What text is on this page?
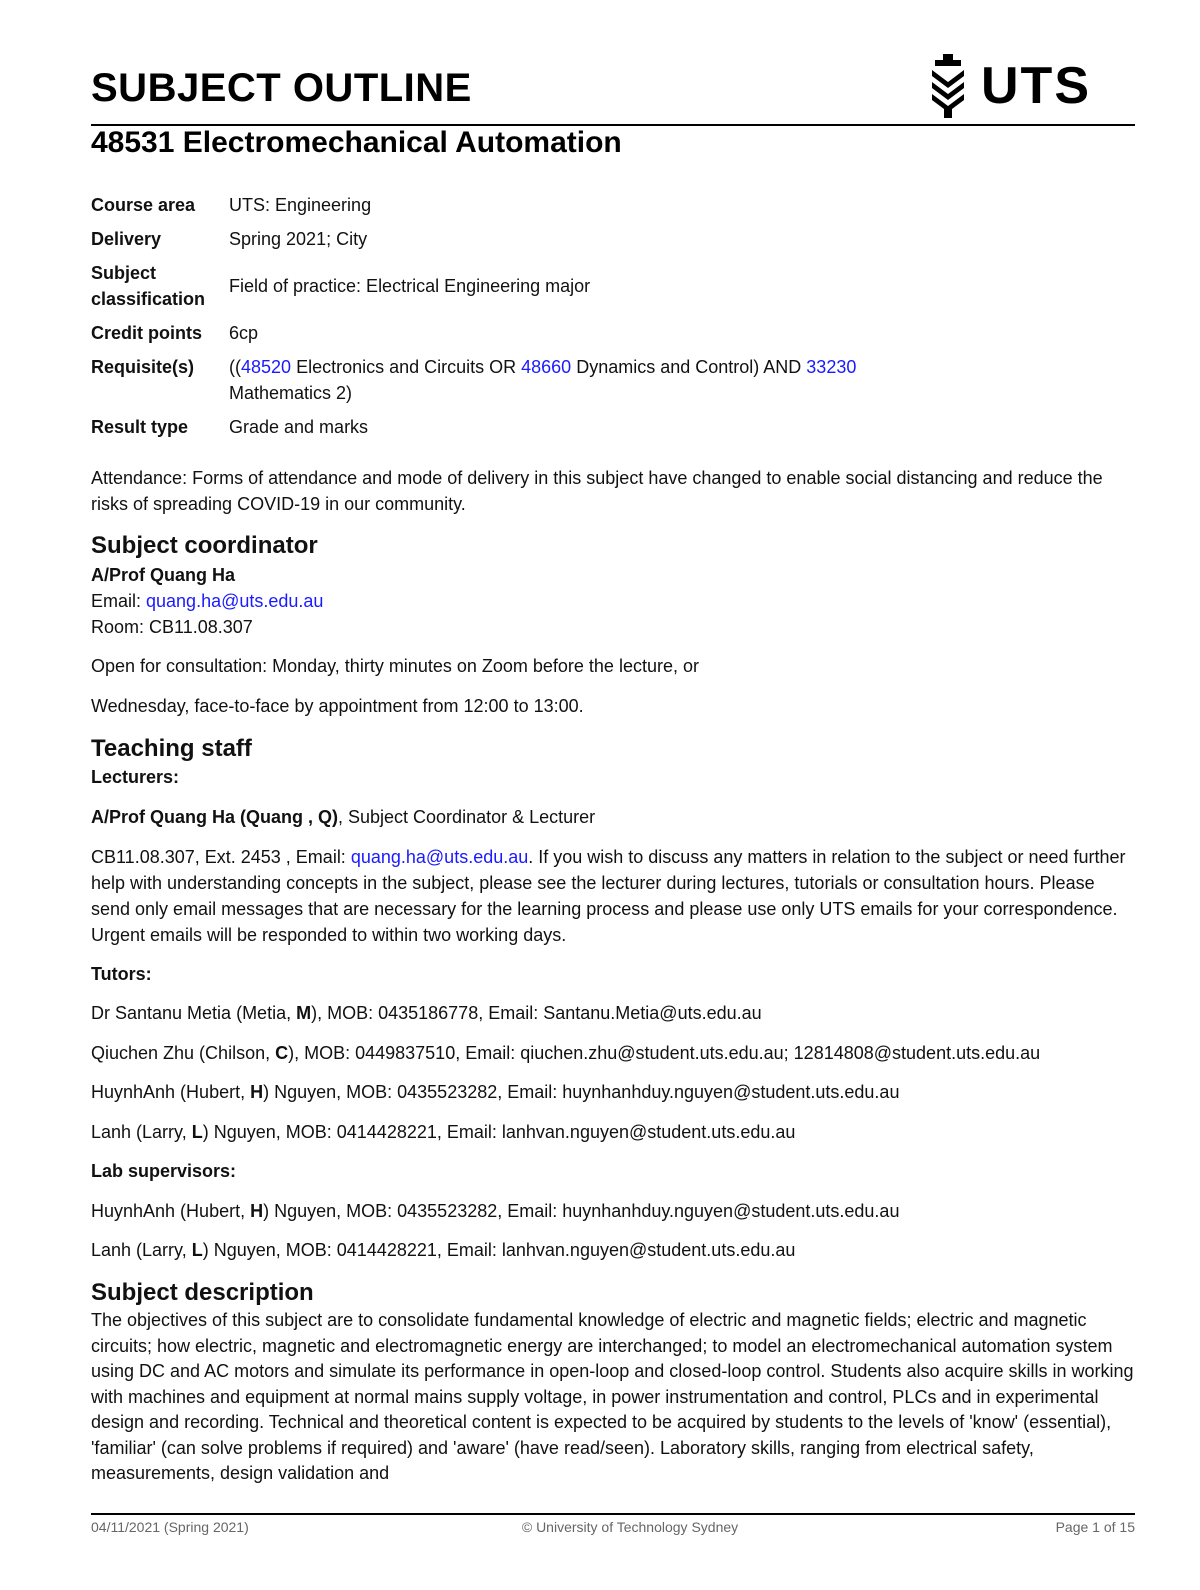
SUBJECT OUTLINE	UTS
48531 Electromechanical Automation
Course area	UTS: Engineering
Delivery	Spring 2021; City
Subject
classification	Field of practice: Electrical Engineering major
Credit points	6cp
Requisite(s)	((48520 Electronics and Circuits OR 48660 Dynamics and Control) AND 33230
Mathematics 2)
Result type	Grade and marks

Attendance: Forms of attendance and mode of delivery in this subject have changed to enable social distancing and reduce the risks of spreading COVID-19 in our community.

Subject coordinator

A/Prof Quang Ha

Email: quang.ha@uts.edu.au

Room: CB11.08.307

Open for consultation: Monday, thirty minutes on Zoom before the lecture, or

Wednesday, face-to-face by appointment from 12:00 to 13:00.

Teaching staff

Lecturers:

A/Prof Quang Ha (Quang , Q), Subject Coordinator & Lecturer

CB11.08.307, Ext. 2453 , Email: quang.ha@uts.edu.au. If you wish to discuss any matters in relation to the subject or need further help with understanding concepts in the subject, please see the lecturer during lectures, tutorials or consultation hours. Please send only email messages that are necessary for the learning process and please use only UTS emails for your correspondence. Urgent emails will be responded to within two working days.

Tutors:

Dr Santanu Metia (Metia, M), MOB: 0435186778, Email: Santanu.Metia@uts.edu.au

Qiuchen Zhu (Chilson, C), MOB: 0449837510, Email: qiuchen.zhu@student.uts.edu.au; 12814808@student.uts.edu.au

HuynhAnh (Hubert, H) Nguyen, MOB: 0435523282, Email: huynhanhduy.nguyen@student.uts.edu.au

Lanh (Larry, L) Nguyen, MOB: 0414428221, Email: lanhvan.nguyen@student.uts.edu.au

Lab supervisors:

HuynhAnh (Hubert, H) Nguyen, MOB: 0435523282, Email: huynhanhduy.nguyen@student.uts.edu.au

Lanh (Larry, L) Nguyen, MOB: 0414428221, Email: lanhvan.nguyen@student.uts.edu.au

Subject description

The objectives of this subject are to consolidate fundamental knowledge of electric and magnetic fields; electric and magnetic circuits; how electric, magnetic and electromagnetic energy are interchanged; to model an electromechanical automation system using DC and AC motors and simulate its performance in open-loop and closed-loop control. Students also acquire skills in working with machines and equipment at normal mains supply voltage, in power instrumentation and control, PLCs and in experimental design and recording. Technical and theoretical content is expected to be acquired by students to the levels of 'know' (essential), 'familiar' (can solve problems if required) and 'aware' (have read/seen). Laboratory skills, ranging from electrical safety, measurements, design validation and

04/11/2021 (Spring 2021)	© University of Technology Sydney	Page 1 of 15
